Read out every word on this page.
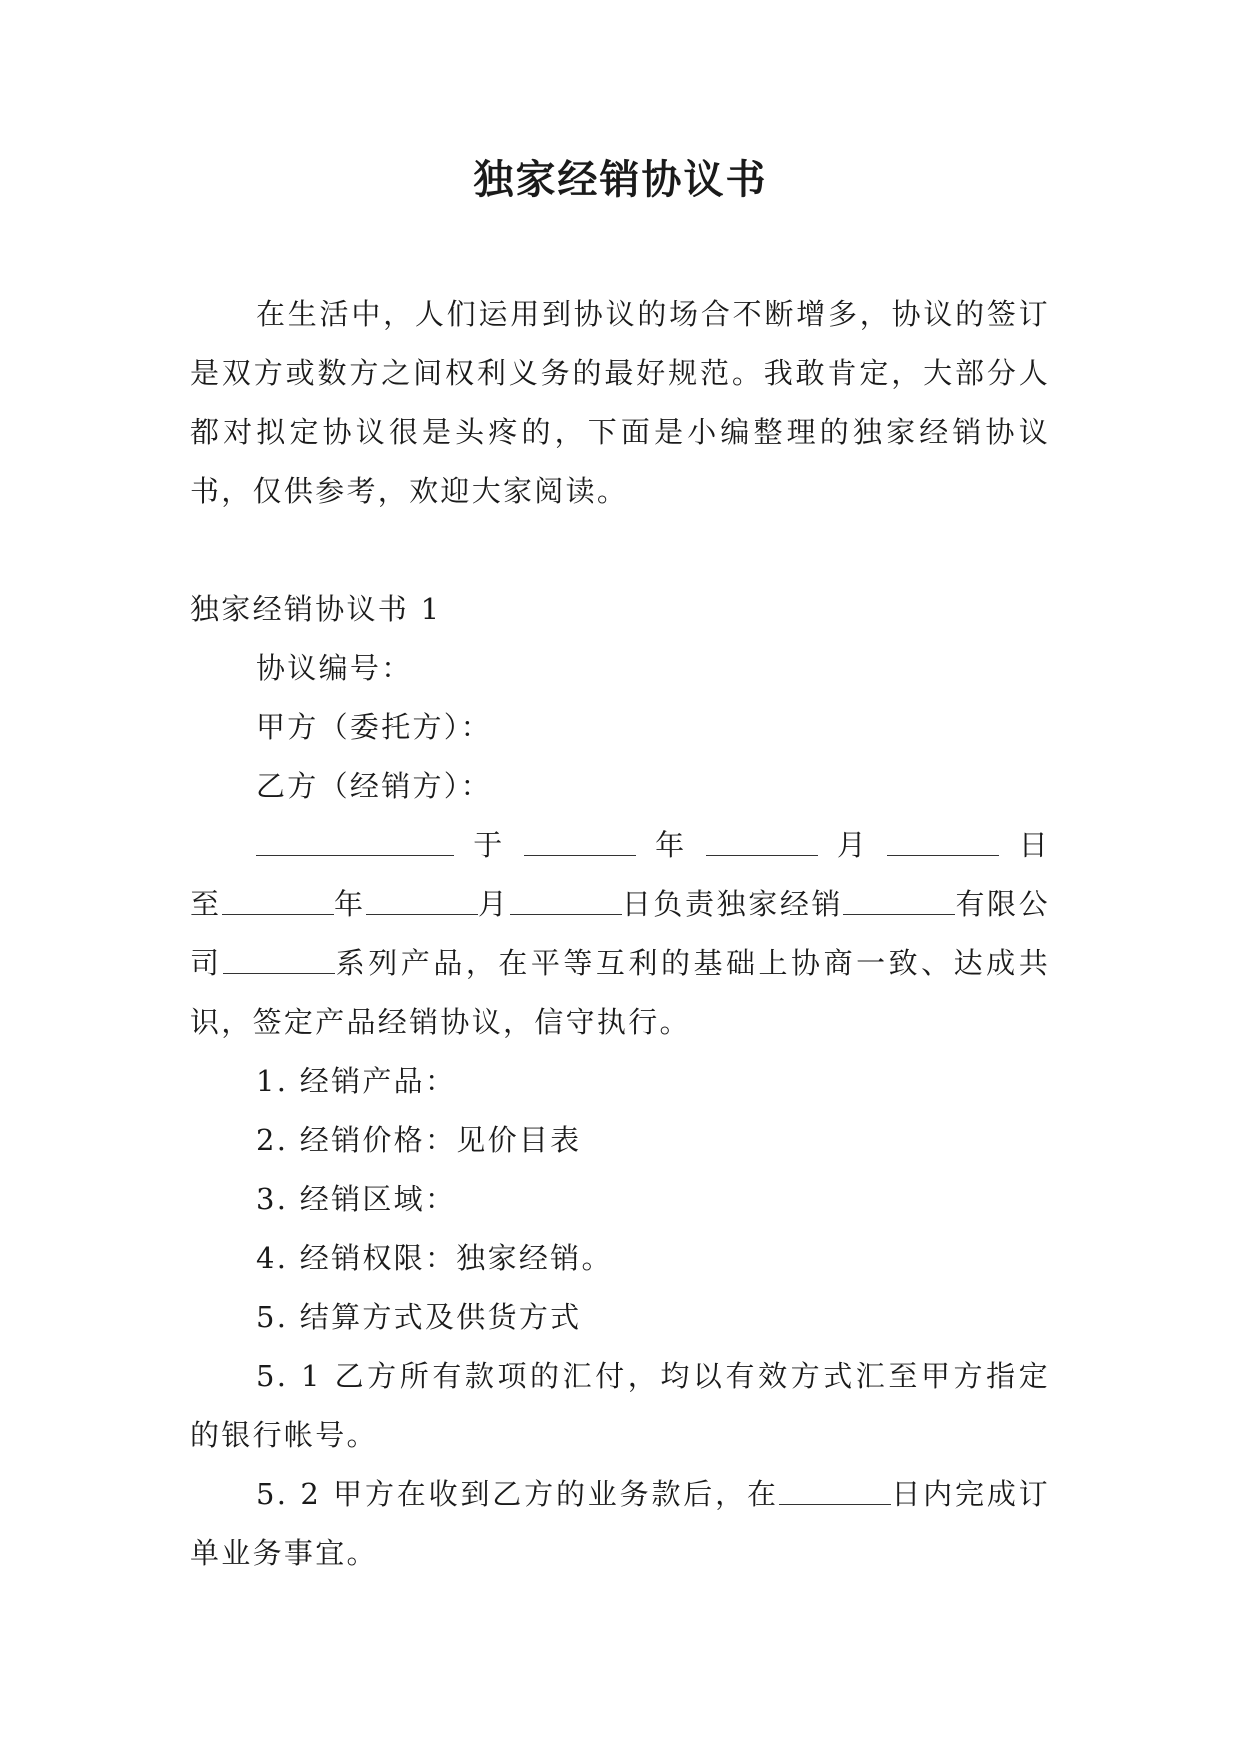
独家经销协议书

在生活中，人们运用到协议的场合不断增多，协议的签订是双方或数方之间权利义务的最好规范。我敢肯定，大部分人都对拟定协议很是头疼的，下面是小编整理的独家经销协议书，仅供参考，欢迎大家阅读。

独家经销协议书 1

协议编号：

甲方（委托方）：

乙方（经销方）：

于	年	月	日至	年	月	日负责独家经销	有限公司	系列产品，在平等互利的基础上协商一致、达成共识，签定产品经销协议，信守执行。

1. 经销产品：

2. 经销价格：见价目表

3. 经销区域：

4. 经销权限：独家经销。

5. 结算方式及供货方式

5. 1 乙方所有款项的汇付，均以有效方式汇至甲方指定的银行帐号。

5. 2 甲方在收到乙方的业务款后，在	日内完成订单业务事宜。
